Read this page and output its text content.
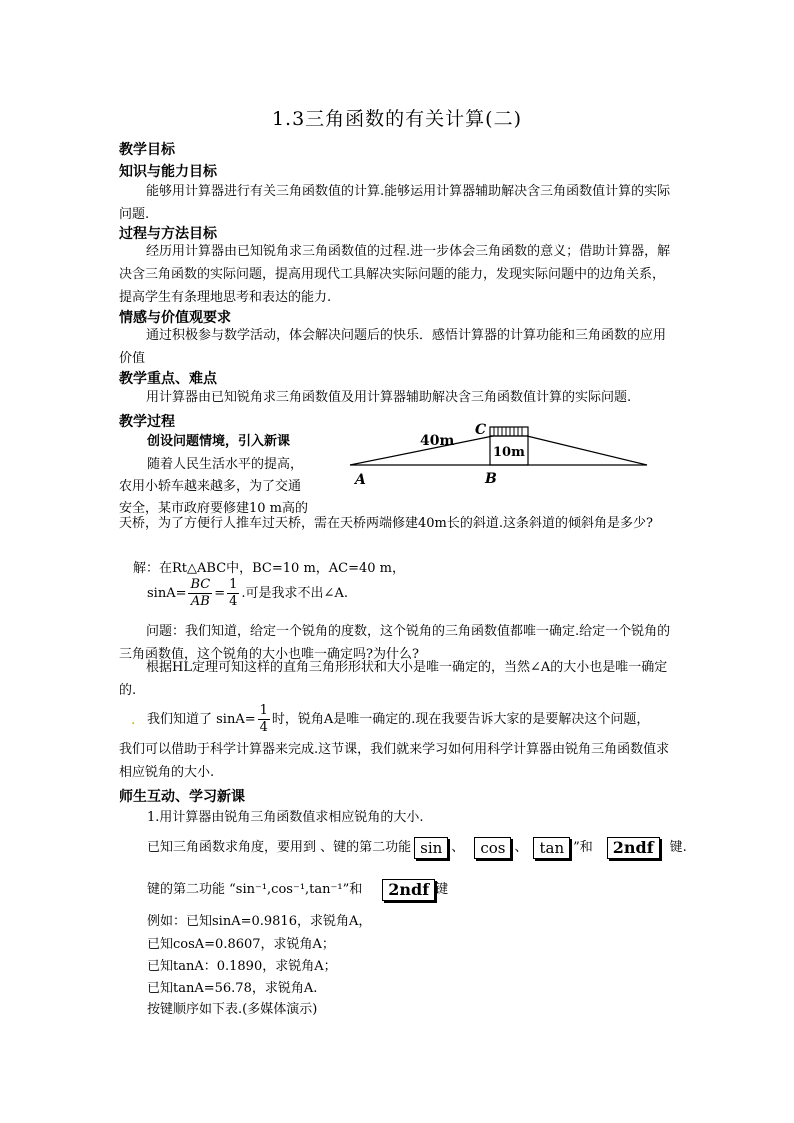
1.3三角函数的有关计算(二)
教学目标
知识与能力目标
能够用计算器进行有关三角函数值的计算.能够运用计算器辅助解决含三角函数值计算的实际问题.
过程与方法目标
经历用计算器由已知锐角求三角函数值的过程.进一步体会三角函数的意义；借助计算器，解决含三角函数的实际问题，提高用现代工具解决实际问题的能力，发现实际问题中的边角关系，提高学生有条理地思考和表达的能力.
情感与价值观要求
通过积极参与数学活动，体会解决问题后的快乐．感悟计算器的计算功能和三角函数的应用价值
教学重点、难点
用计算器由已知锐角求三角函数值及用计算器辅助解决含三角函数值计算的实际问题.
教学过程
创设问题情境，引入新课
随着人民生活水平的提高，
农用小轿车越来越多，为了交通
安全，某市政府要修建10 m高的
天桥，为了方便行人推车过天桥，需在天桥两端修建40m长的斜道.这条斜道的倾斜角是多少?
40m
10m
C
A	B
解：在Rt△ABC中，BC=10 m，AC=40 m，
$\sin A= \frac{BC}{AB} = \frac{1}{4}$ .可是我求不出∠A.
问题：我们知道，给定一个锐角的度数，这个锐角的三角函数值都唯一确定.给定一个锐角的三角函数值，这个锐角的大小也唯一确定吗?为什么?
根据HL定理可知这样的直角三角形形状和大小是唯一确定的，当然∠A的大小也是唯一确定的.
. 我们知道了 $\sin A= \frac{1}{4}$ 时，锐角A是唯一确定的.现在我要告诉大家的是要解决这个问题，
我们可以借助于科学计算器来完成.这节课，我们就来学习如何用科学计算器由锐角三角函数值求相应锐角的大小.
师生互动、学习新课
1.用计算器由锐角三角函数值求相应锐角的大小.
已知三角函数求角度，要用到 、键的第二功能 sin 、 cos 、 tan ”和 2ndf 键.
键的第二功能 “sin⁻¹,cos⁻¹,tan⁻¹”和 2ndf 键
例如：已知sinA=0.9816，求锐角A，
已知cosA=0.8607，求锐角A；
已知tanA：0.1890，求锐角A；
已知tanA=56.78，求锐角A.
按键顺序如下表.(多媒体演示)
